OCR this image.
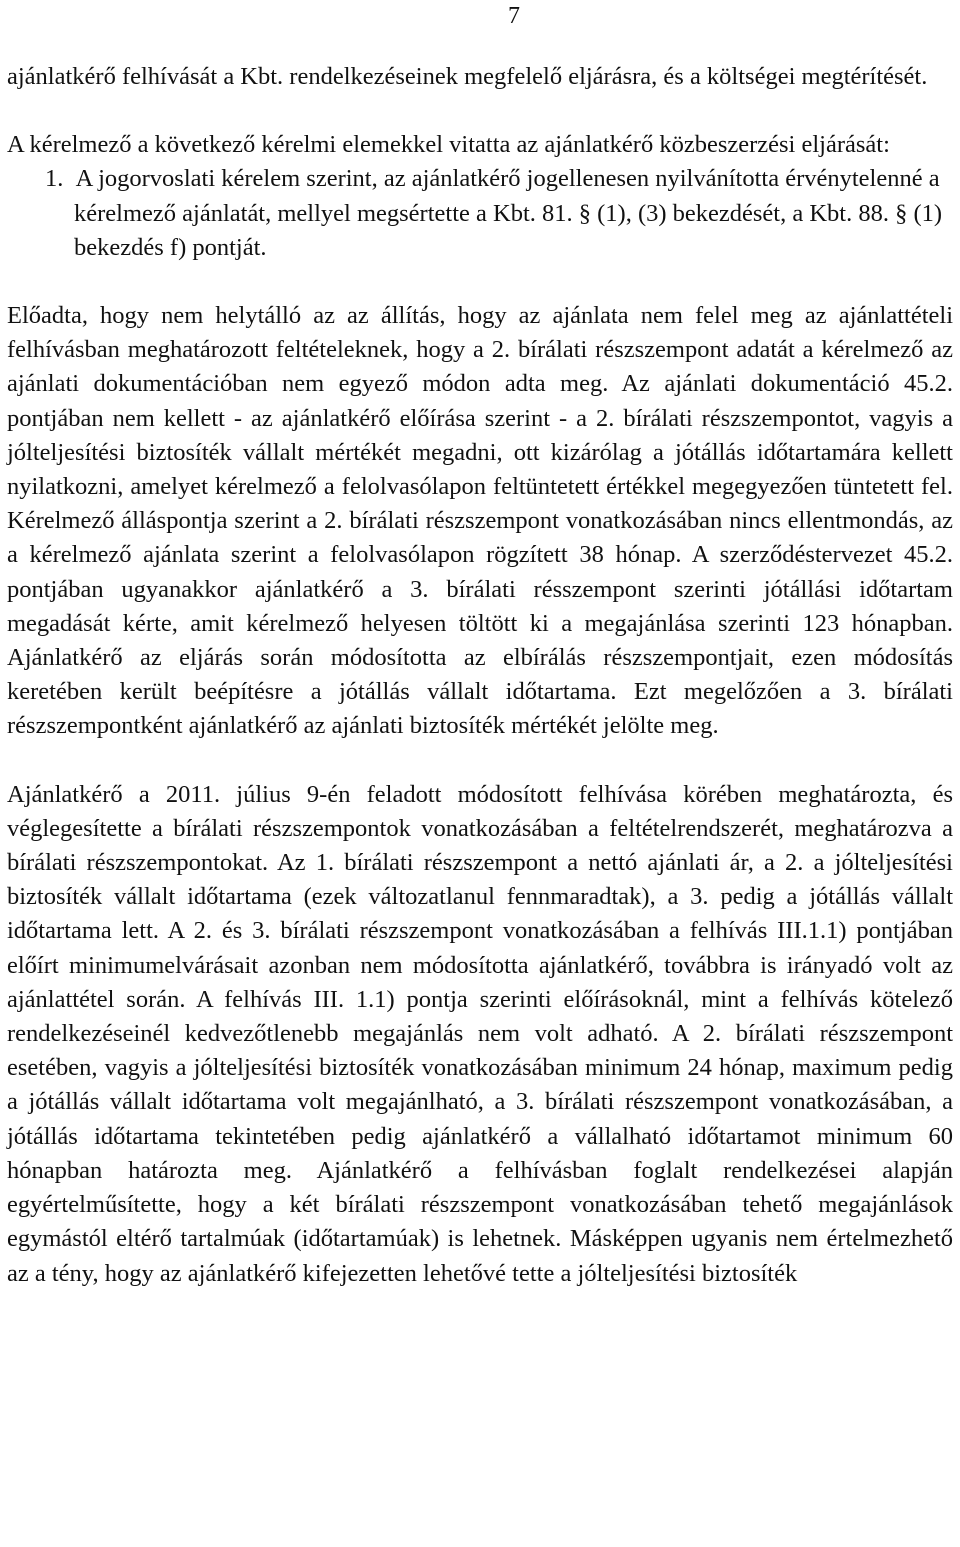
7

ajánlatkérő felhívását a Kbt. rendelkezéseinek megfelelő eljárásra, és a költségei megtérítését.

A kérelmező a következő kérelmi elemekkel vitatta az ajánlatkérő közbeszerzési eljárását:

1. A jogorvoslati kérelem szerint, az ajánlatkérő jogellenesen nyilvánította érvénytelenné a kérelmező ajánlatát, mellyel megsértette a Kbt. 81. § (1), (3) bekezdését, a Kbt. 88. § (1) bekezdés f) pontját.

Előadta, hogy nem helytálló az az állítás, hogy az ajánlata nem felel meg az ajánlattételi felhívásban meghatározott feltételeknek, hogy a 2. bírálati részszempont adatát a kérelmező az ajánlati dokumentációban nem egyező módon adta meg. Az ajánlati dokumentáció 45.2. pontjában nem kellett - az ajánlatkérő előírása szerint - a 2. bírálati részszempontot, vagyis a jólteljesítési biztosíték vállalt mértékét megadni, ott kizárólag a jótállás időtartamára kellett nyilatkozni, amelyet kérelmező a felolvasólapon feltüntetett értékkel megegyezően tüntetett fel. Kérelmező álláspontja szerint a 2. bírálati részszempont vonatkozásában nincs ellentmondás, az a kérelmező ajánlata szerint a felolvasólapon rögzített 38 hónap. A szerződéstervezet 45.2. pontjában ugyanakkor ajánlatkérő a 3. bírálati résszempont szerinti jótállási időtartam megadását kérte, amit kérelmező helyesen töltött ki a megajánlása szerinti 123 hónapban. Ajánlatkérő az eljárás során módosította az elbírálás részszempontjait, ezen módosítás keretében került beépítésre a jótállás vállalt időtartama. Ezt megelőzően a 3. bírálati részszempontként ajánlatkérő az ajánlati biztosíték mértékét jelölte meg.

Ajánlatkérő a 2011. július 9-én feladott módosított felhívása körében meghatározta, és véglegesítette a bírálati részszempontok vonatkozásában a feltételrendszerét, meghatározva a bírálati részszempontokat. Az 1. bírálati részszempont a nettó ajánlati ár, a 2. a jólteljesítési biztosíték vállalt időtartama (ezek változatlanul fennmaradtak), a 3. pedig a jótállás vállalt időtartama lett. A 2. és 3. bírálati részszempont vonatkozásában a felhívás III.1.1) pontjában előírt minimumelvárásait azonban nem módosította ajánlatkérő, továbbra is irányadó volt az ajánlattétel során. A felhívás III. 1.1) pontja szerinti előírásoknál, mint a felhívás kötelező rendelkezéseinél kedvezőtlenebb megajánlás nem volt adható. A 2. bírálati részszempont esetében, vagyis a jólteljesítési biztosíték vonatkozásában minimum 24 hónap, maximum pedig a jótállás vállalt időtartama volt megajánlható, a 3. bírálati részszempont vonatkozásában, a jótállás időtartama tekintetében pedig ajánlatkérő a vállalható időtartamot minimum 60 hónapban határozta meg. Ajánlatkérő a felhívásban foglalt rendelkezései alapján egyértelműsítette, hogy a két bírálati részszempont vonatkozásában tehető megajánlások egymástól eltérő tartalmúak (időtartamúak) is lehetnek. Másképpen ugyanis nem értelmezhető az a tény, hogy az ajánlatkérő kifejezetten lehetővé tette a jólteljesítési biztosíték
